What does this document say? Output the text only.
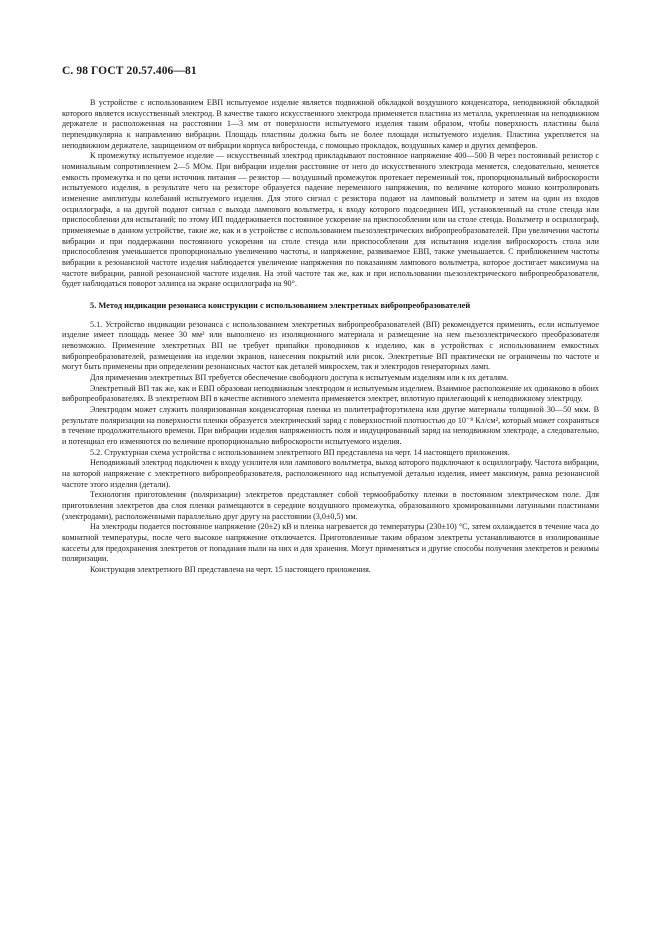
С. 98 ГОСТ 20.57.406—81

В устройстве с использованием ЕВП испытуемое изделие является подвижной обкладкой воздушного конденсатора, неподвижной обкладкой которого является искусственный электрод. В качестве такого искусственного электрода применяется пластина из металла, укрепленная на неподвижном держателе и расположенная на расстоянии 1—3 мм от поверхности испытуемого изделия таким образом, чтобы поверхность пластины была перпендикулярна к направлению вибрации. Площадь пластины должна быть не более площади испытуемого изделия. Пластина укрепляется на неподвижном держателе, защищенном от вибрации корпуса вибростенда, с помощью прокладок, воздушных камер и других демпферов.

К промежутку испытуемое изделие — искусственный электрод прикладывают постоянное напряжение 400—500 В через постоянный резистор с номинальным сопротивлением 2—5 МОм. При вибрации изделия расстояние от него до искусственного электрода меняется, следовательно, меняется емкость промежутка и по цепи источник питания — резистор — воздушный промежуток протекает переменный ток, пропорциональный виброскорости испытуемого изделия, в результате чего на резисторе образуется падение переменного напряжения, по величине которого можно контролировать изменение амплитуды колебаний испытуемого изделия. Для этого сигнал с резистора подают на ламповый вольтметр и затем на один из входов осциллографа, а на другой подают сигнал с выхода лампового вольтметра, к входу которого подсоединен ИП, установленный на столе стенда или приспособлении для испытаний; по этому ИП поддерживается постоянное ускорение на приспособлении или на столе стенда. Вольтметр и осциллограф, применяемые в данном устройстве, такие же, как и в устройстве с использованием пьезоэлектрических вибропреобразователей. При увеличении частоты вибрации и при поддержании постоянного ускорения на столе стенда или приспособлении для испытания изделия виброскорость стола или приспособления уменьшается пропорционально увеличению частоты, и напряжение, развиваемое ЕВП, также уменьшается. С приближением частоты вибрации к резонансной частоте изделия наблюдается увеличение напряжения по показаниям лампового вольтметра, которое достигает максимума на частоте вибрации, равной резонансной частоте изделия. На этой частоте так же, как и при использовании пьезоэлектрического вибропреобразователя, будет наблюдаться поворот эллипса на экране осциллографа на 90°.

5. Метод индикации резонанса конструкции с использованием электретных вибропреобразователей

5.1. Устройство индикации резонанса с использованием электретных вибропреобразователей (ВП) рекомендуется применять, если испытуемое изделие имеет площадь менее 30 мм² или выполнено из изоляционного материала и размещение на нем пьезоэлектрического преобразователя невозможно. Применение электретных ВП не требует припайки проводников к изделию, как в устройствах с использованием емкостных вибропреобразователей, размещения на изделии экранов, нанесения покрытий или рисок. Электретные ВП практически не ограничены по частоте и могут быть применены при определении резонансных частот как деталей микросхем, так и электродов генераторных ламп.

Для применения электретных ВП требуется обеспечение свободного доступа к испытуемым изделиям или к их деталям.

Электретный ВП так же, как и ЕВП образован неподвижным электродом и испытуемым изделием. Взаимное расположение их одинаково в обоих вибропреобразователях. В электретном ВП в качестве активного элемента применяется электрет, вплотную прилегающий к неподвижному электроду.

Электродом может служить поляризованная конденсаторная пленка из политетрафторэтилена или другие материалы толщиной 30—50 мкм. В результате поляризации на поверхности пленки образуется электрический заряд с поверхностной плотностью до 10⁻⁸ Кл/см², который может сохраняться в течение продолжительного времени. При вибрации изделия напряженность поля и индуцированный заряд на неподвижном электроде, а следовательно, и потенциал его изменяются по величине пропорционально виброскорости испытуемого изделия.

5.2. Структурная схема устройства с использованием электретного ВП представлена на черт. 14 настоящего приложения.

Неподвижный электрод подключен к входу усилителя или лампового вольтметра, выход которого подключают к осциллографу. Частота вибрации, на которой напряжение с электретного вибропреобразователя, расположенного над испытуемой деталью изделия, имеет максимум, равна резонансной частоте этого изделия (детали).

Технология приготовления (поляризации) электретов представляет собой термообработку пленки в постоянном электрическом поле. Для приготовления электретов два слоя пленки размещаются в середине воздушного промежутка, образованного хромированными латунными пластинами (электродами), расположенными параллельно друг другу на расстоянии (3,0±0,5) мм.

На электроды подается постоянное напряжение (20±2) кВ и пленка нагревается до температуры (230±10) °С, затем охлаждается в течение часа до комнатной температуры, после чего высокое напряжение отключается. Приготовленные таким образом электреты устанавливаются в изолированные кассеты для предохранения электретов от попадания пыли на них и для хранения. Могут применяться и другие способы получения электретов и режимы поляризации.

Конструкция электретного ВП представлена на черт. 15 настоящего приложения.
